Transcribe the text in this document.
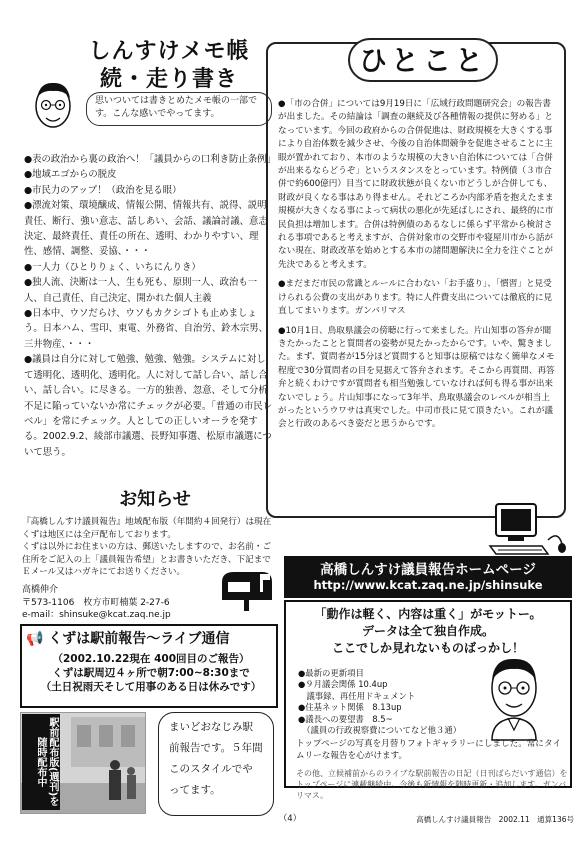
しんすけメモ帳
続・走り書き
思いついては書きとめたメモ帳の一部です。こんな感いでやってます。

●表の政治から裏の政治へ！「議員からの口利き防止条例」

●地域エゴからの脱皮

●市民力のアップ！（政治を見る眼）

●漂流対策、環境醸成、情報公開、情報共有、説得、説明責任、断行、強い意志、話しあい、会話、議論討議、意志決定、最終責任、責任の所在、透明、わかりやすい、理性、感情、調整、妥協、・・・

●一人力（ひとりりょく、いちにんりき）

●独人流、決断は一人、生も死も、原則一人、政治も一人、自己責任、自己決定、開かれた個人主義

●日本中、ウソだらけ、ウソもカクシゴトも止めましょう。日本ハム、雪印、東電、外務省、自治労、鈴木宗男、三井物産、・・・

●議員は自分に対して勉強、勉強、勉強。システムに対して透明化、透明化、透明化。人に対して話し合い、話し合い、話し合い。に尽きる。一方的独善、忽意、そして分析不足に陥っていないか常にチェックが必要。「普通の市民レベル」を常にチェック。人としての正しいオーラを発する。2002.9.2、綾部市議選、長野知事選、松原市議選について思う。

お知らせ

『高橋しんすけ議員報告』地域配布版（年間約４回発行）は現在くずは地区には全戸配布しております。

くずは以外にお住まいの方は、郵送いたしますので、お名前・ご住所をご記入の上「議員報告希望」とお書きいただき、下記までＥメール又はハガキにてお送りください。

高橋伸介
〒573-1106　枚方市町楠葉 2-27-6
e-mail：shinsuke@kcat.zaq.ne.jp
📢 くずは駅前報告～ライブ通信
（2002.10.22現在 400回目のご報告）
くずは駅周辺４ヶ所で朝7:00~8:30まで
（土日祝雨天そして用事のある日は休みです）
駅前配布版(週刊)を随時配布中
まいどおなじみ駅前報告です。５年間このスタイルでやってます。
ひとこと

●「市の合併」については9月19日に「広域行政問題研究会」の報告書が出ました。その結論は「調査の継続及び各種情報の提供に努める」となっています。今回の政府からの合併促進は、財政規模を大きくする事により自治体数を減少させ、今後の自治体間競争を促進させることに主眼が置かれており、本市のような規模の大きい自治体については「合併が出来るならどうぞ」というスタンスをとっています。特例債（３市合併で約600億円）目当てに財政状態が良くない市どうしが合併しても、財政が良くなる事はあり得ません。それどころか内部矛盾を抱えたまま規模が大きくなる事によって病状の悪化が先延ばしにされ、最終的に市民負担は増加します。合併は特例債のあるなしに係らず平常から検討される事項であると考えますが、合併対象市の交野市や寝屋川市から話がない現在、財政改革を始めとする本市の諸問題解決に全力を注ぐことが先決であると考えます。

●まだまだ市民の常識とルールに合わない「お手盛り」、「慣習」と見受けられる公費の支出があります。特に人件費支出については徹底的に見直してまいります。ガンバリマス

●10月1日、鳥取県議会の傍聴に行って来ました。片山知事の答弁が聞きたかったことと質問者の姿勢が見たかったからです。いや、驚きました。まず、質問者が15分ほど質問すると知事は原稿ではなく簡単なメモ程度で30分質問者の目を見据えて答弁されます。そこから再質問、再答弁と続くわけですが質問者も相当勉強していなければ何も得る事が出来ないでしょう。片山知事になって3年半、鳥取県議会のレベルが相当上がったというウワサは真実でした。中司市長に見て頂きたい。これが議会と行政のあるべき姿だと思うからです。

高橋しんすけ議員報告ホームページ
http://www.kcat.zaq.ne.jp/shinsuke
「動作は軽く、内容は重く」がモットー。
データは全て独自作成。
ここでしか見れないものばっかし！

●最新の更新項目

●９月議会関係 10.4up

　議事録、再任用ドキュメント

●住基ネット関係　8.13up

●議長への要望書　8.5~

　（議員の行政視察費についてなど他３通）

トップページの写真を月替りフォトギャラリーにしました。常にタイムリーな報告を心がけます。
その他、立候補前からのライブな駅前報告の日記（日刊ばらだいす通信）をトップページに連載継続中。今後も新情報を随時更新・追加します。ガンバリマス。
（4）	高橋しんすけ議員報告　2002.11　通算136号
